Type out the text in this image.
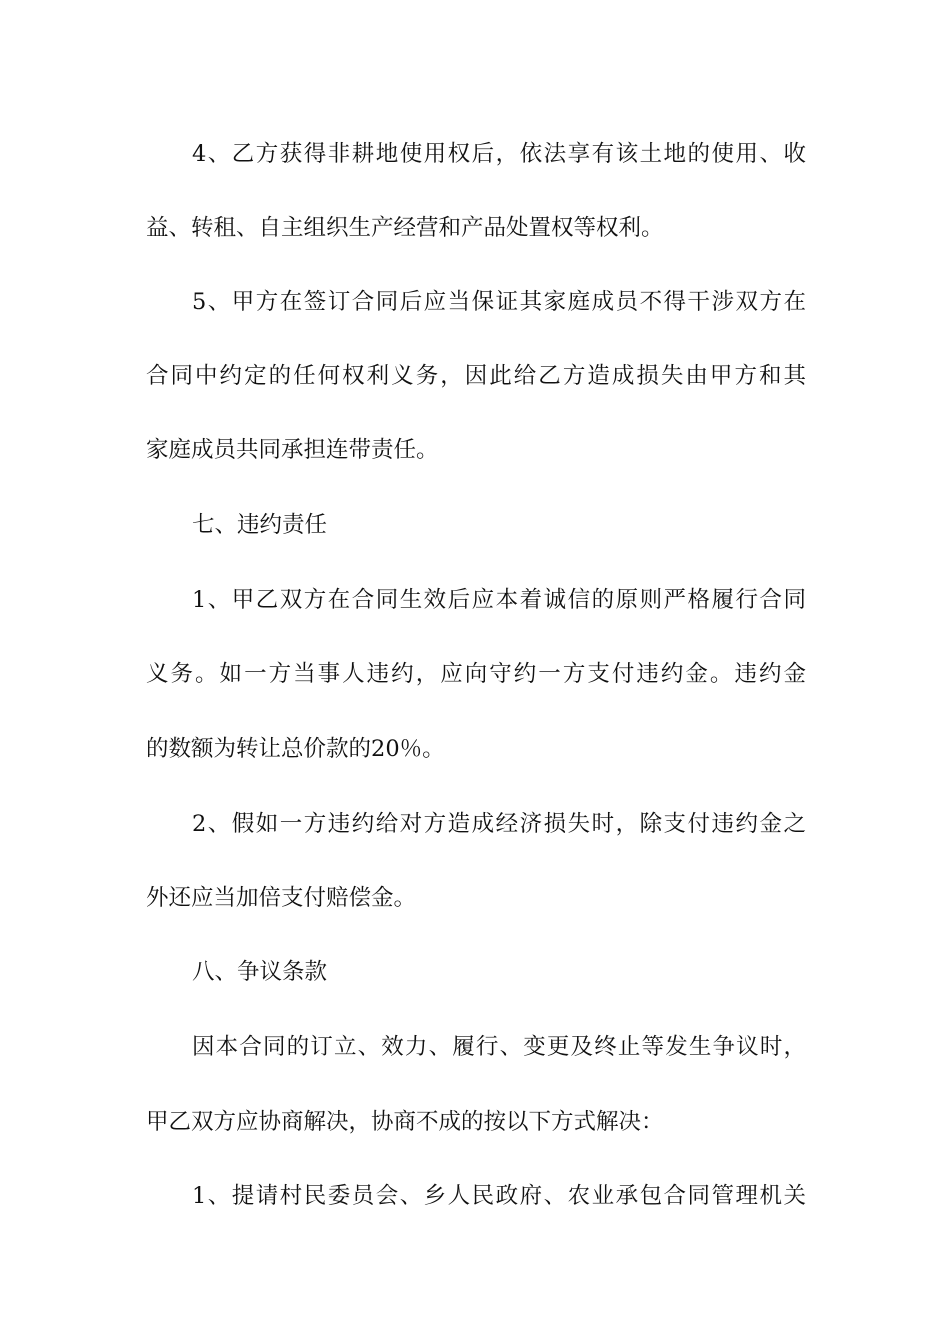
4、乙方获得非耕地使用权后，依法享有该土地的使用、收
益、转租、自主组织生产经营和产品处置权等权利。
5、甲方在签订合同后应当保证其家庭成员不得干涉双方在
合同中约定的任何权利义务，因此给乙方造成损失由甲方和其
家庭成员共同承担连带责任。
七、违约责任
1、甲乙双方在合同生效后应本着诚信的原则严格履行合同
义务。如一方当事人违约，应向守约一方支付违约金。违约金
的数额为转让总价款的20％。
2、假如一方违约给对方造成经济损失时，除支付违约金之
外还应当加倍支付赔偿金。
八、争议条款
因本合同的订立、效力、履行、变更及终止等发生争议时，
甲乙双方应协商解决，协商不成的按以下方式解决：
1、提请村民委员会、乡人民政府、农业承包合同管理机关
